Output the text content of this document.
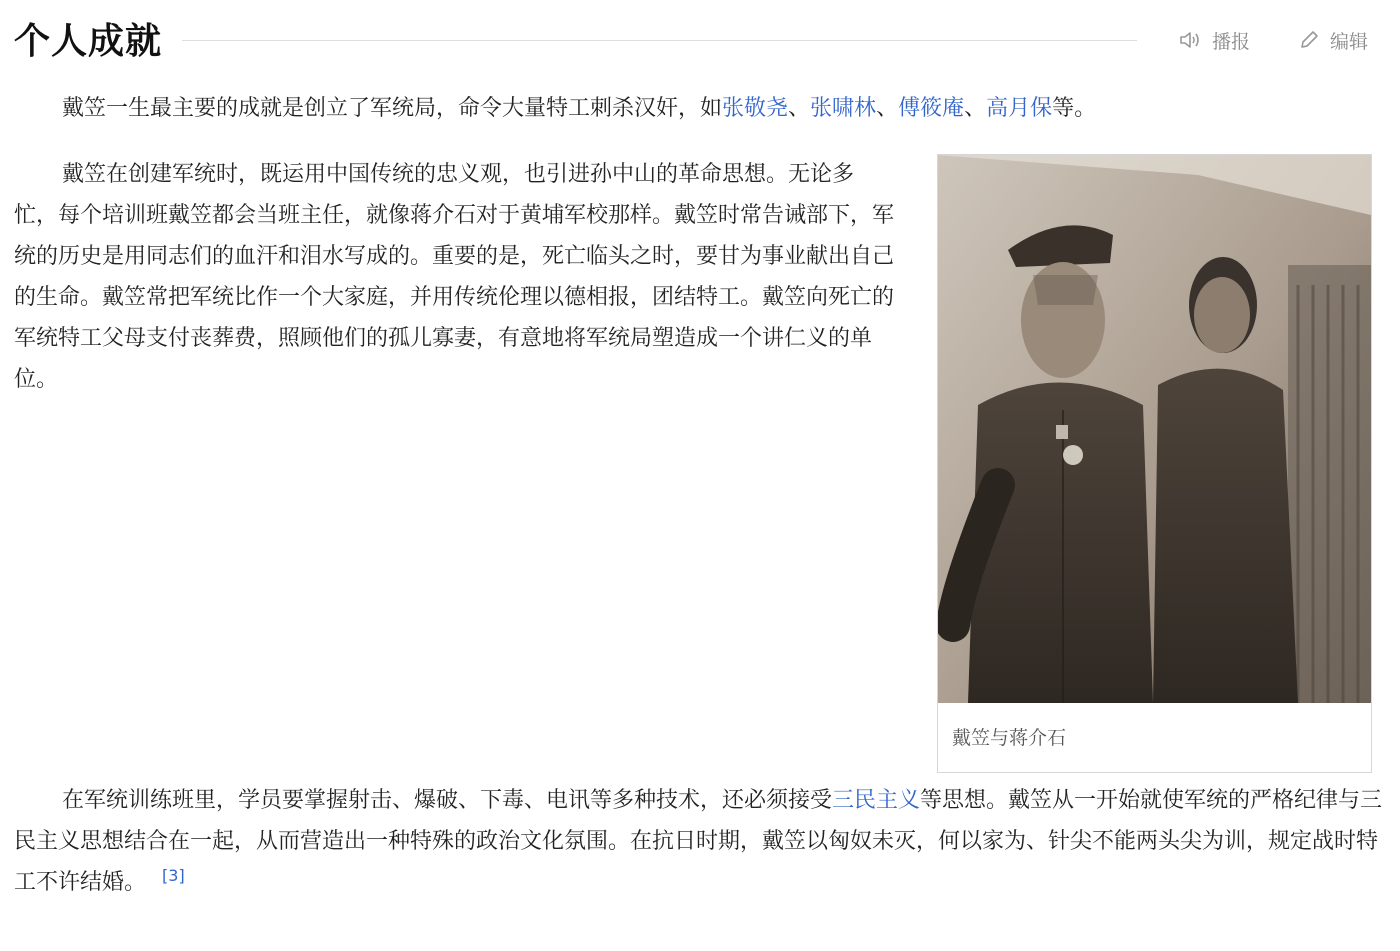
个人成就	播报	编辑

戴笠一生最主要的成就是创立了军统局，命令大量特工刺杀汉奸，如张敬尧、张啸林、傅筱庵、高月保等。

戴笠在创建军统时，既运用中国传统的忠义观，也引进孙中山的革命思想。无论多忙，每个培训班戴笠都会当班主任，就像蒋介石对于黄埔军校那样。戴笠时常告诫部下，军统的历史是用同志们的血汗和泪水写成的。重要的是，死亡临头之时，要甘为事业献出自己的生命。戴笠常把军统比作一个大家庭，并用传统伦理以德相报，团结特工。戴笠向死亡的军统特工父母支付丧葬费，照顾他们的孤儿寡妻，有意地将军统局塑造成一个讲仁义的单位。

戴笠与蒋介石

在军统训练班里，学员要掌握射击、爆破、下毒、电讯等多种技术，还必须接受三民主义等思想。戴笠从一开始就使军统的严格纪律与三民主义思想结合在一起，从而营造出一种特殊的政治文化氛围。在抗日时期，戴笠以匈奴未灭，何以家为、针尖不能两头尖为训，规定战时特工不许结婚。 [3]
